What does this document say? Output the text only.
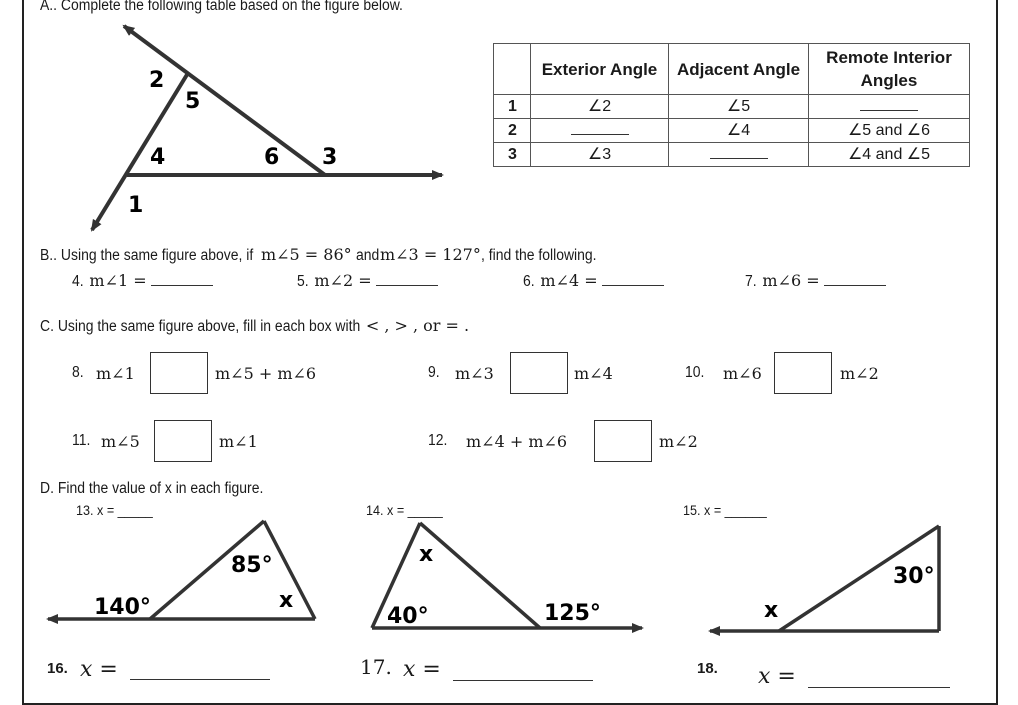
A.. Complete the following table based on the figure below.
2
5
4	6 3
1
	Exterior Angle	Adjacent Angle	Remote Interior Angles
1	∠2	∠5	
2		∠4	∠5 and ∠6
3	∠3		∠4 and ∠5
B.. Using the same figure above, if m∠5 = 86° andm∠3 = 127°, find the following.
4. m∠1 =	5. m∠2 =	6. m∠4 =	7. m∠6 =
C. Using the same figure above, fill in each box with < , > , or = .
8. m∠1	m∠5 + m∠6	9. m∠3	m∠4	10. m∠6	m∠2
11. m∠5	m∠1	12. m∠4 + m∠6	m∠2
D. Find the value of x in each figure.
13. x = _____	14. x = _____	15. x = ______
85°
140°	x
x
40°	125°
30°
x
16. x =	17. x =	18. x =
